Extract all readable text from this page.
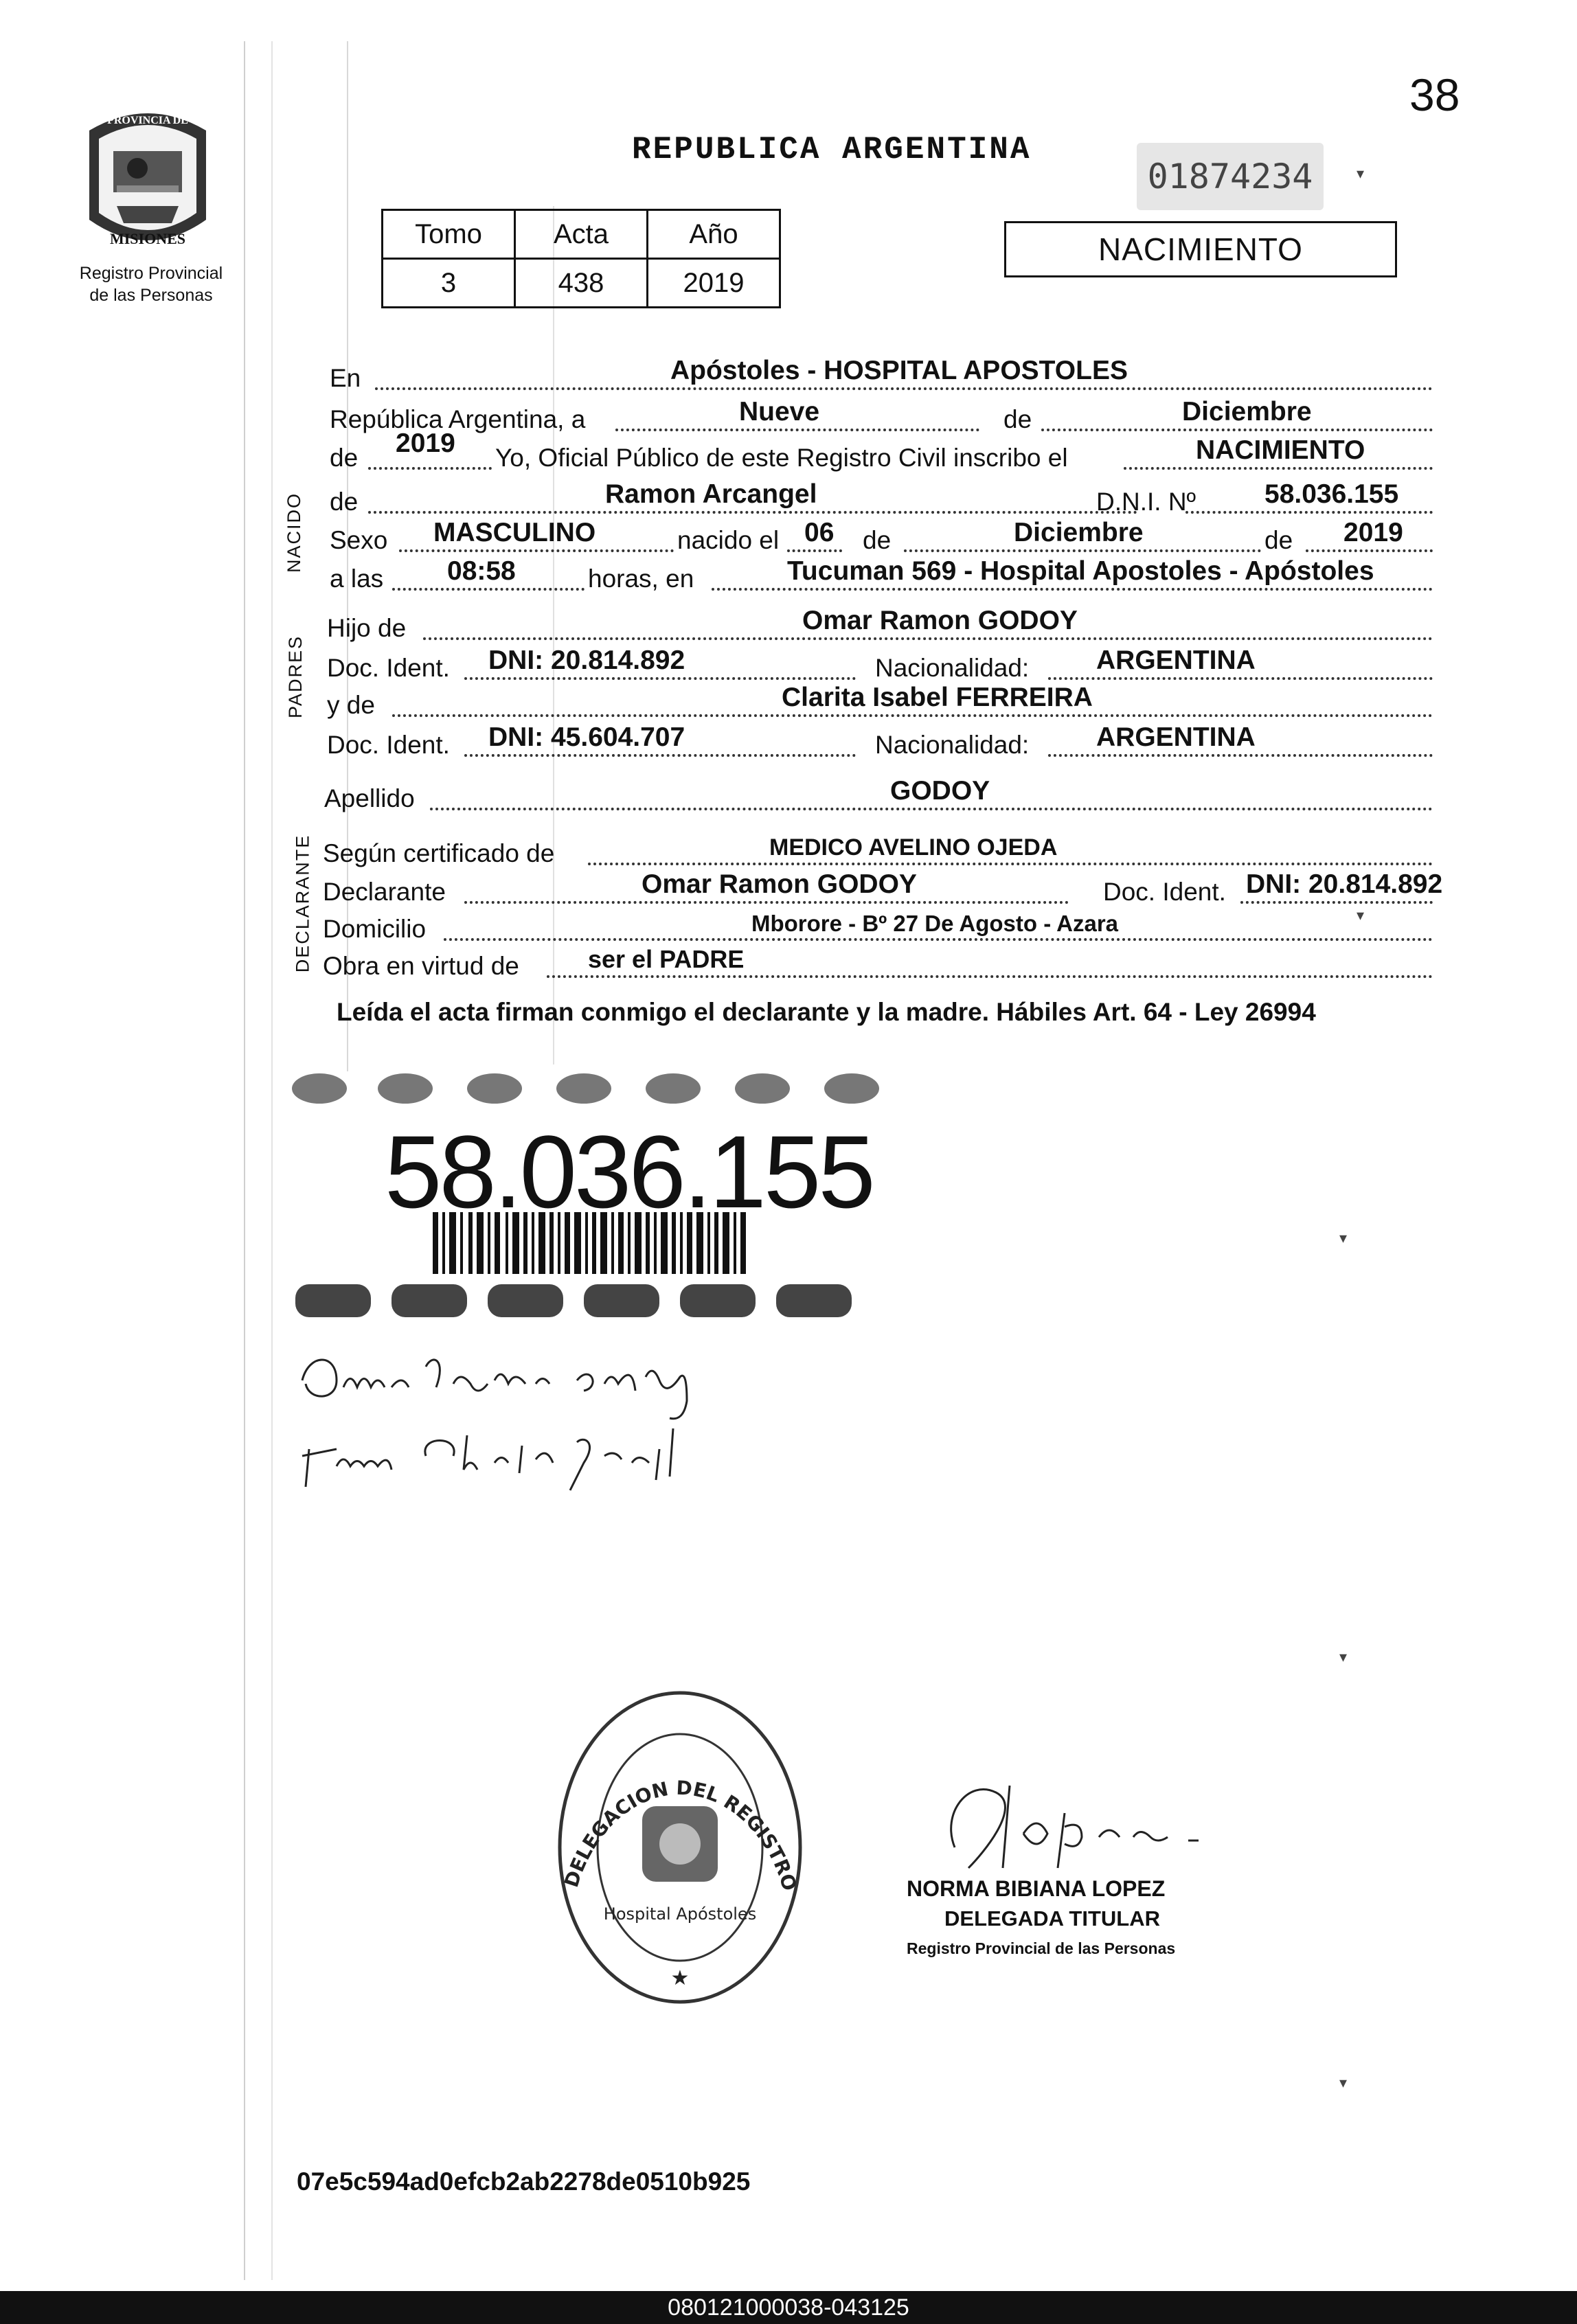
38
PROVINCIA DE
MISIONES
Registro Provincial
de las Personas
REPUBLICA ARGENTINA
01874234
Tomo	Acta	Año
3	438	2019
NACIMIENTO
NACIDO
PADRES
DECLARANTE
En	Apóstoles - HOSPITAL APOSTOLES
República Argentina, a	Nueve	de	Diciembre
de 2019 Yo, Oficial Público de este Registro Civil inscribo el	NACIMIENTO
de	Ramon Arcangel	D.N.I. Nº	58.036.155
Sexo MASCULINO	nacido el 06 de	Diciembre	de 2019
a las 08:58	horas, en	Tucuman 569 - Hospital Apostoles - Apóstoles
Hijo de	Omar Ramon GODOY
Doc. Ident. DNI: 20.814.892	Nacionalidad:	ARGENTINA
y de	Clarita Isabel FERREIRA
Doc. Ident. DNI: 45.604.707	Nacionalidad:	ARGENTINA
Apellido	GODOY
Según certificado de	MEDICO AVELINO OJEDA
Declarante	Omar Ramon GODOY	Doc. Ident. DNI: 20.814.892
Domicilio	Mborore - Bº 27 De Agosto - Azara
Obra en virtud de	ser el PADRE
Leída el acta firman conmigo el declarante y la madre. Hábiles Art. 64 - Ley 26994
58.036.155
DELEGACION DEL REGISTRO
Hospital Apóstoles
★
NORMA BIBIANA LOPEZ
DELEGADA TITULAR
Registro Provincial de las Personas
07e5c594ad0efcb2ab2278de0510b925
▾
▾
▾
▾
▾
080121000038-043125
